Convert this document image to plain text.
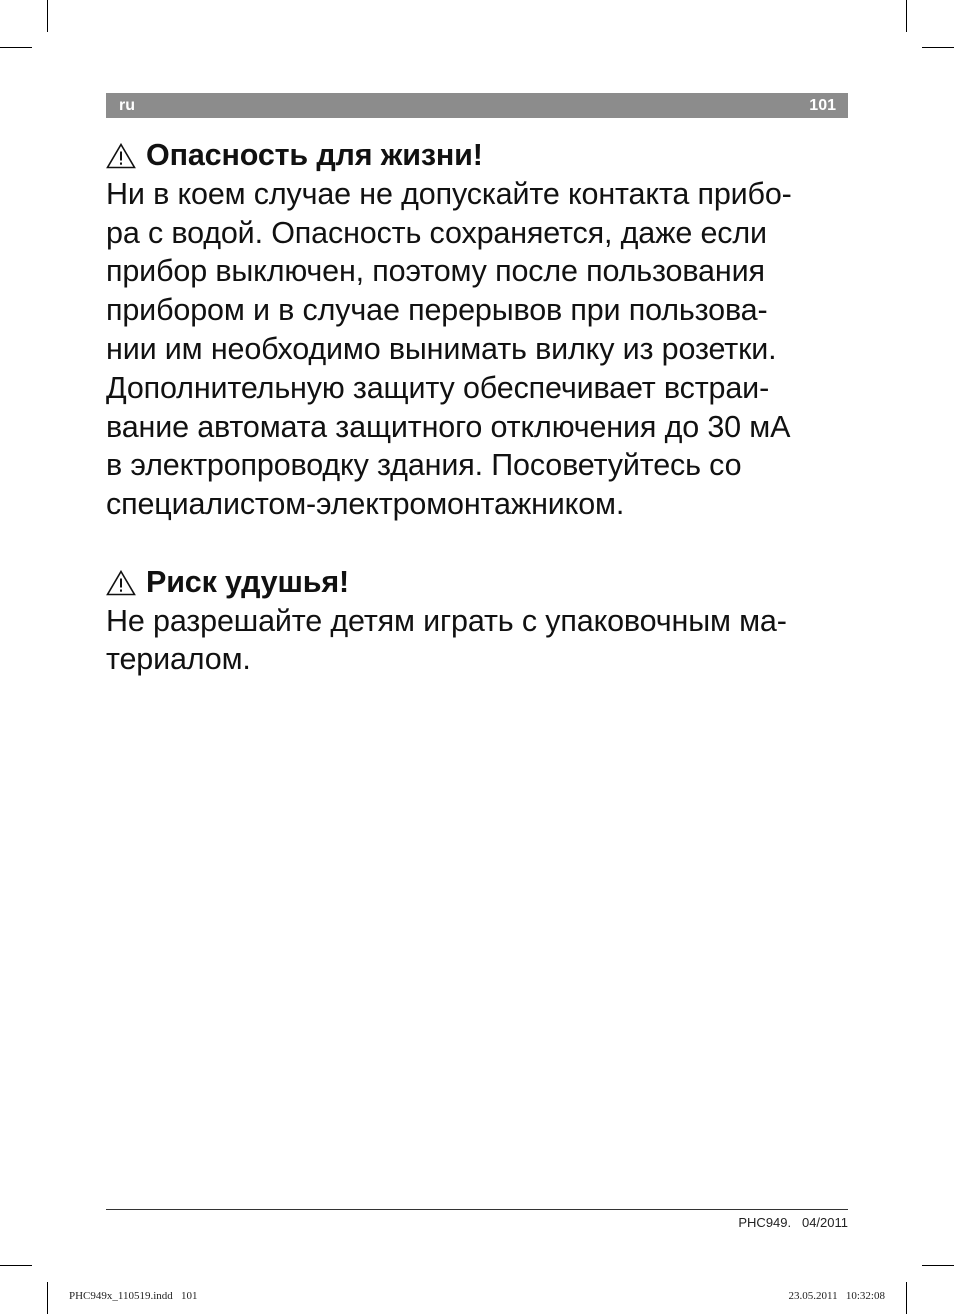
ru	101
Опасность для жизни!
Ни в коем случае не допускайте контакта прибо-
ра с водой. Опасность сохраняется, даже если
прибор выключен, поэтому после пользования
прибором и в случае перерывов при пользова-
нии им необходимо вынимать вилку из розетки.
Дополнительную защиту обеспечивает встраи-
вание автомата защитного отключения до 30 мА
в электропроводку здания. Посоветуйтесь со
специалистом-электромонтажником.
Риск удушья!
Не разрешайте детям играть с упаковочным ма-
териалом.
PHC949.   04/2011
PHC949x_110519.indd   101	23.05.2011   10:32:08
